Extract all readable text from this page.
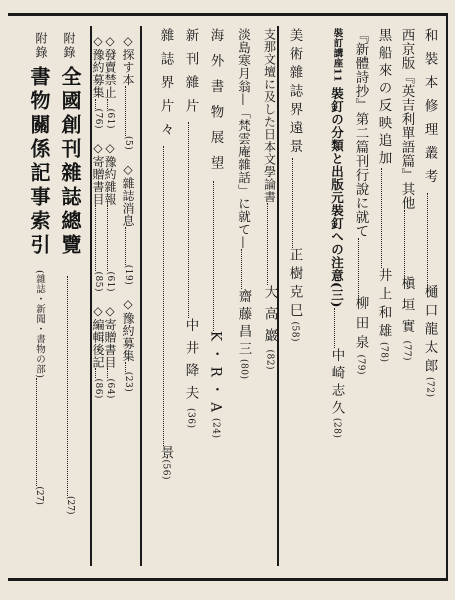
和裝本修理叢考樋口龍太郎(72)
西京版『英吉利單語篇』其他槇垣實(77)
黒船來の反映追加井上和雄(78)
『新體詩抄』第二篇刊行說に就て柳田泉(79)
裝訂講座11 裝釘の分類と出版元裝釘への注意(三)中崎志久(28)
美術雜誌界遠景正樹克巳(58)
支那文壇に及した日本文學論書大高巖(82)
淡島寒月翁—「梵雲庵雜話」に就て—齋藤昌三(80)
海外書物展望K・R・A(24)
新刊雜片中井降夫(36)
雜誌界片々景(56)
◇探す本(5)◇雜誌消息(19)◇豫約募集(23)
◇發賣禁止(61)◇豫約雜報(61)◇寄贈書目(64)
附錄
全國創刊雜誌總覽(27)
附錄
書物關係記事索引(雜誌・新聞・書物の部)(27)
◇豫約募集(76)◇寄贈書目(85)◇編輯後記(86)
